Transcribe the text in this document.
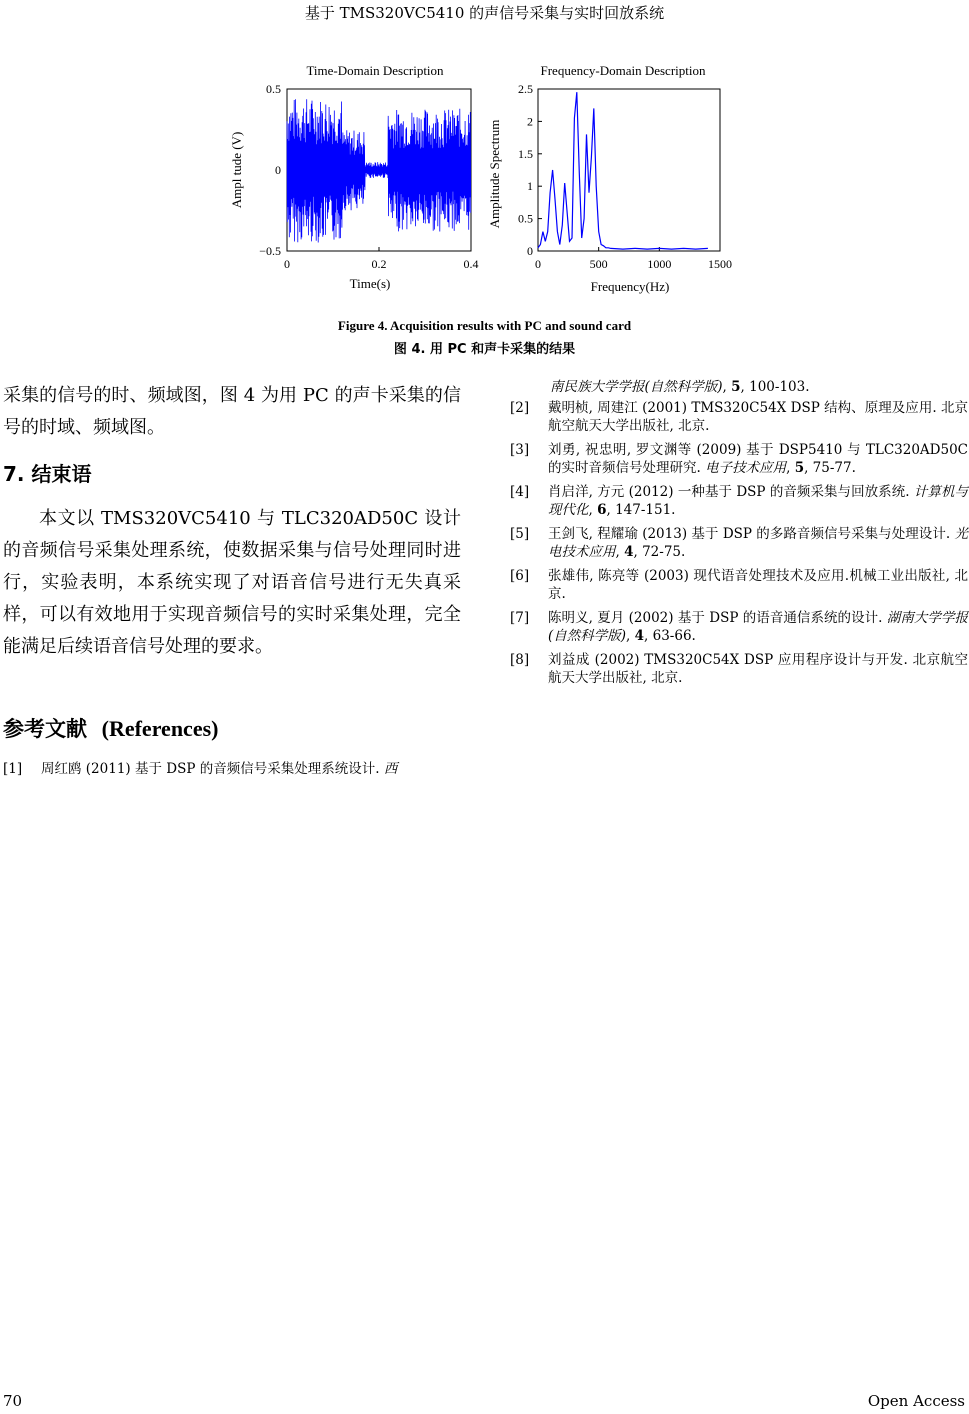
基于 TMS320VC5410 的声信号采集与实时回放系统
Time-Domain Description
Time(s)
Ampl tude (V)
0	0.2	0.4
−0.5
0
0.5
Frequency-Domain Description
Frequency(Hz)
Amplitude Spectrum
0	500	1000	1500
0
0.5
1
1.5
2
2.5
Figure 4. Acquisition results with PC and sound card
图 4. 用 PC 和声卡采集的结果

采集的信号的时、频域图，图 4 为用 PC 的声卡采集的信号的时域、频域图。

7. 结束语

本文以 TMS320VC5410 与 TLC320AD50C 设计的音频信号采集处理系统，使数据采集与信号处理同时进行，实验表明，本系统实现了对语音信号进行无失真采样，可以有效地用于实现音频信号的实时采集处理，完全能满足后续语音信号处理的要求。

参考文献 (References)
[1]	周红鸥 (2011) 基于 DSP 的音频信号采集处理系统设计. 西
南民族大学学报(自然科学版), 5, 100-103.
[2]	戴明桢, 周建江 (2001) TMS320C54X DSP 结构、原理及应用. 北京航空航天大学出版社, 北京.
[3]	刘勇, 祝忠明, 罗文渊等 (2009) 基于 DSP5410 与 TLC320AD50C 的实时音频信号处理研究. 电子技术应用, 5, 75-77.
[4]	肖启洋, 方元 (2012) 一种基于 DSP 的音频采集与回放系统. 计算机与现代化, 6, 147-151.
[5]	王剑飞, 程耀瑜 (2013) 基于 DSP 的多路音频信号采集与处理设计. 光电技术应用, 4, 72-75.
[6]	张雄伟, 陈亮等 (2003) 现代语音处理技术及应用.机械工业出版社, 北京.
[7]	陈明义, 夏月 (2002) 基于 DSP 的语音通信系统的设计. 湖南大学学报(自然科学版), 4, 63-66.
[8]	刘益成 (2002) TMS320C54X DSP 应用程序设计与开发. 北京航空航天大学出版社, 北京.
70	Open Access
